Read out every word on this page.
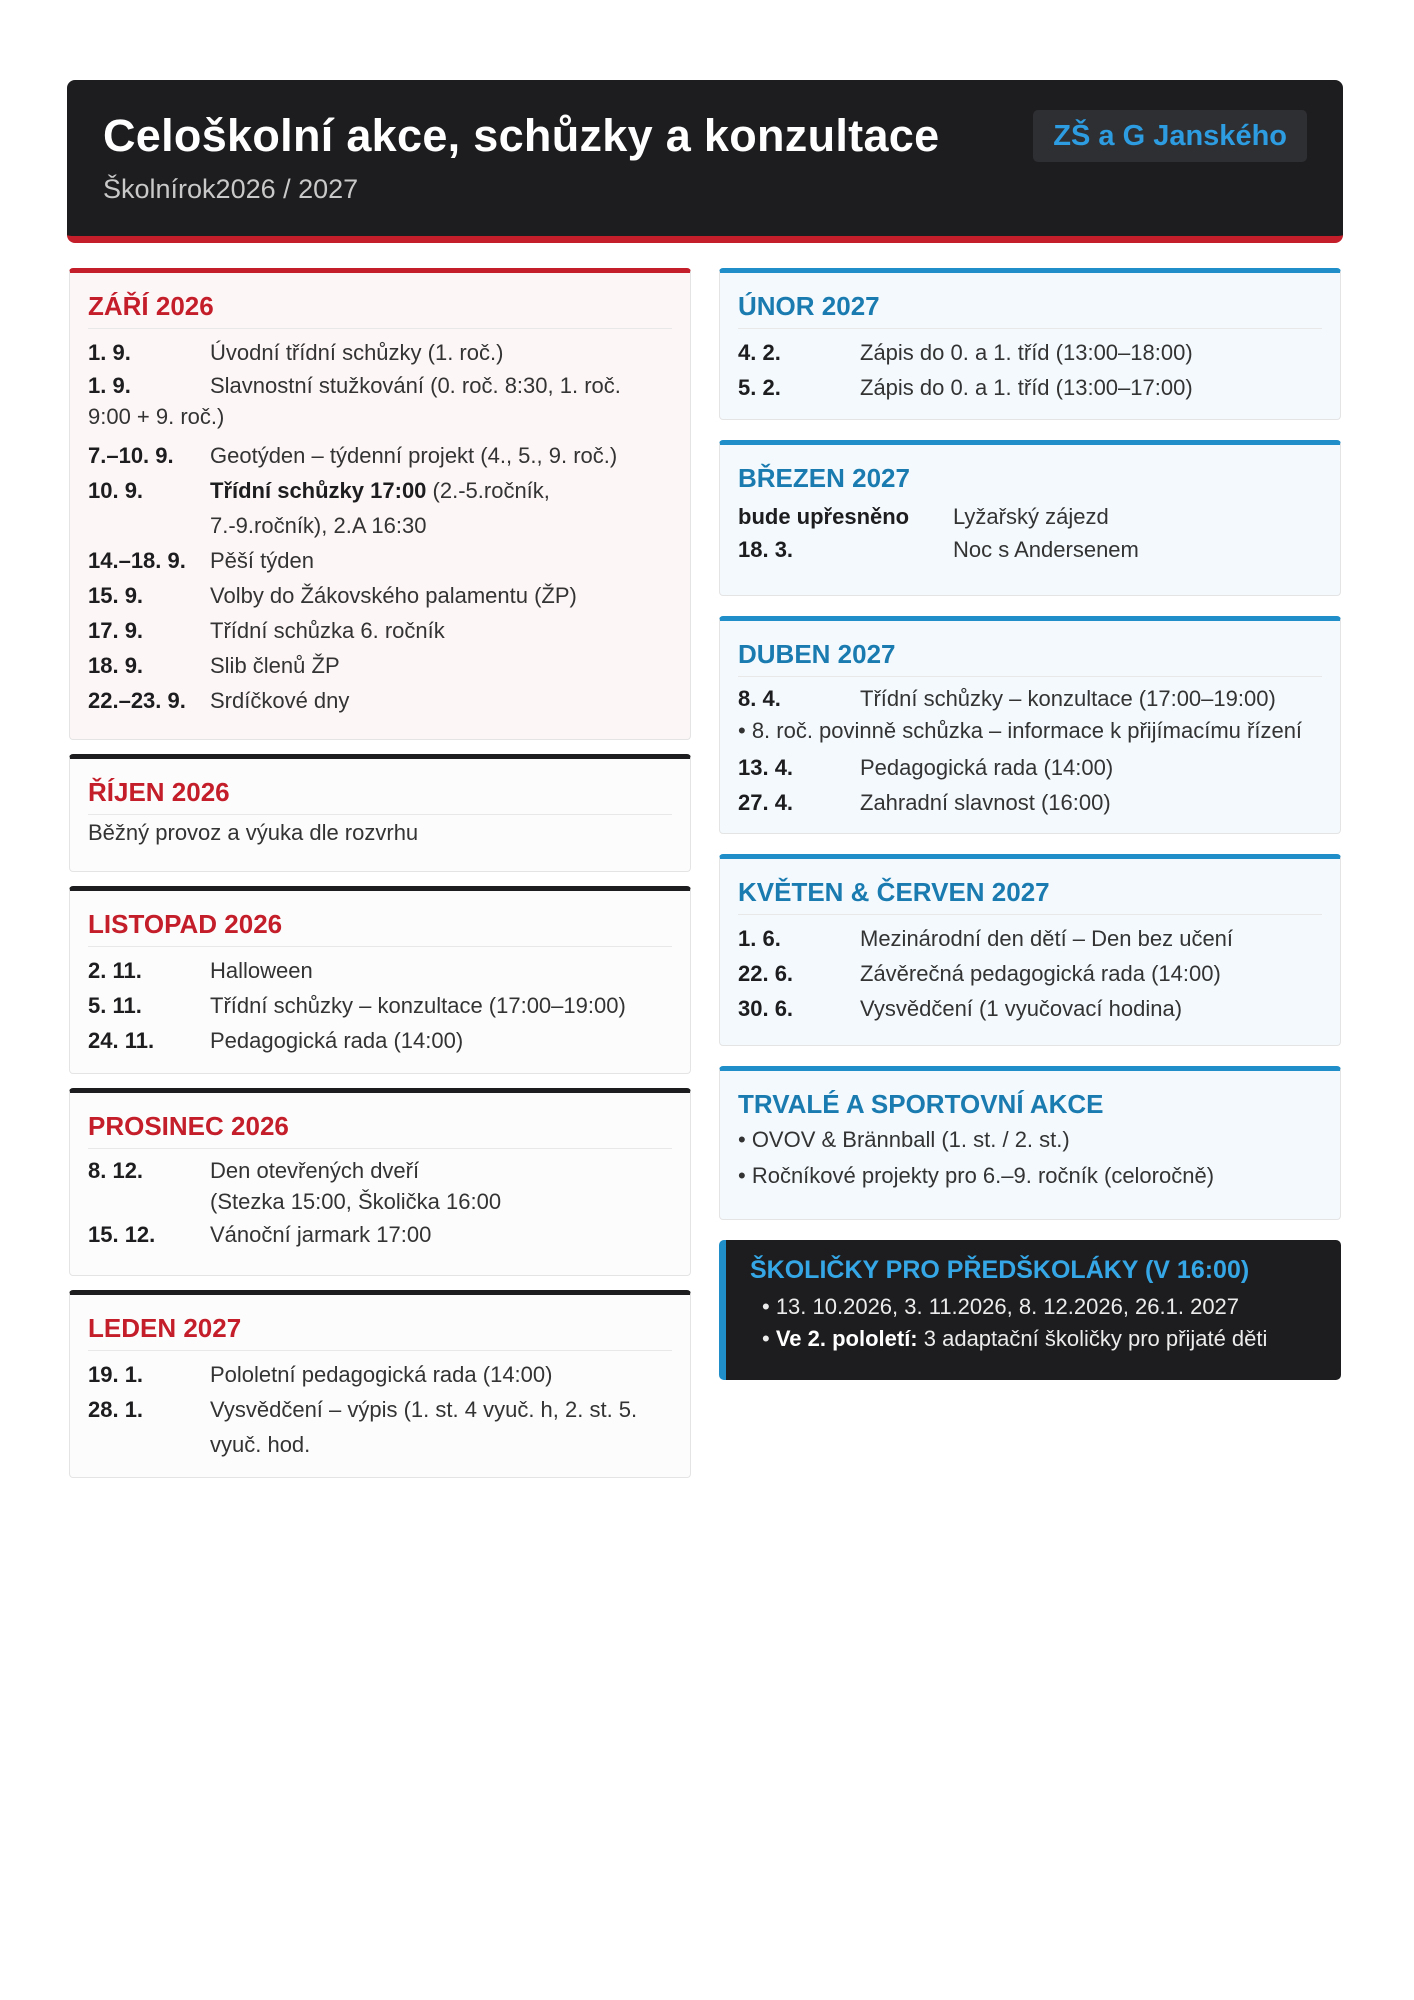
Celoškolní akce, schůzky a konzultace
Školnírok2026 / 2027
ZŠ a G Janského
ZÁŘÍ 2026
1. 9.	Úvodní třídní schůzky (1. roč.)
1. 9.	Slavnostní stužkování (0. roč. 8:30, 1. roč.
9:00 + 9. roč.)
7.–10. 9.	Geotýden – týdenní projekt (4., 5., 9. roč.)
10. 9.	Třídní schůzky 17:00 (2.-5.ročník,
7.-9.ročník), 2.A 16:30
14.–18. 9.	Pěší týden
15. 9.	Volby do Žákovského palamentu (ŽP)
17. 9.	Třídní schůzka 6. ročník
18. 9.	Slib členů ŽP
22.–23. 9.	Srdíčkové dny
ŘÍJEN 2026
Běžný provoz a výuka dle rozvrhu
LISTOPAD 2026
2. 11.	Halloween
5. 11.	Třídní schůzky – konzultace (17:00–19:00)
24. 11.	Pedagogická rada (14:00)
PROSINEC 2026
8. 12.	Den otevřených dveří
(Stezka 15:00, Školička 16:00
15. 12.	Vánoční jarmark 17:00
LEDEN 2027
19. 1.	Pololetní pedagogická rada (14:00)
28. 1.	Vysvědčení – výpis (1. st. 4 vyuč. h, 2. st. 5.
vyuč. hod.
ÚNOR 2027
4. 2.	Zápis do 0. a 1. tříd (13:00–18:00)
5. 2.	Zápis do 0. a 1. tříd (13:00–17:00)
BŘEZEN 2027
bude upřesněno	Lyžařský zájezd
18. 3.	Noc s Andersenem
DUBEN 2027
8. 4.	Třídní schůzky – konzultace (17:00–19:00)
• 8. roč. povinně schůzka – informace k přijímacímu řízení
13. 4.	Pedagogická rada (14:00)
27. 4.	Zahradní slavnost (16:00)
KVĚTEN & ČERVEN 2027
1. 6.	Mezinárodní den dětí – Den bez učení
22. 6.	Závěrečná pedagogická rada (14:00)
30. 6.	Vysvědčení (1 vyučovací hodina)
TRVALÉ A SPORTOVNÍ AKCE
• OVOV & Brännball (1. st. / 2. st.)
• Ročníkové projekty pro 6.–9. ročník (celoročně)
ŠKOLIČKY PRO PŘEDŠKOLÁKY (V 16:00)
• 13. 10.2026, 3. 11.2026, 8. 12.2026, 26.1. 2027
• Ve 2. pololetí: 3 adaptační školičky pro přijaté děti
